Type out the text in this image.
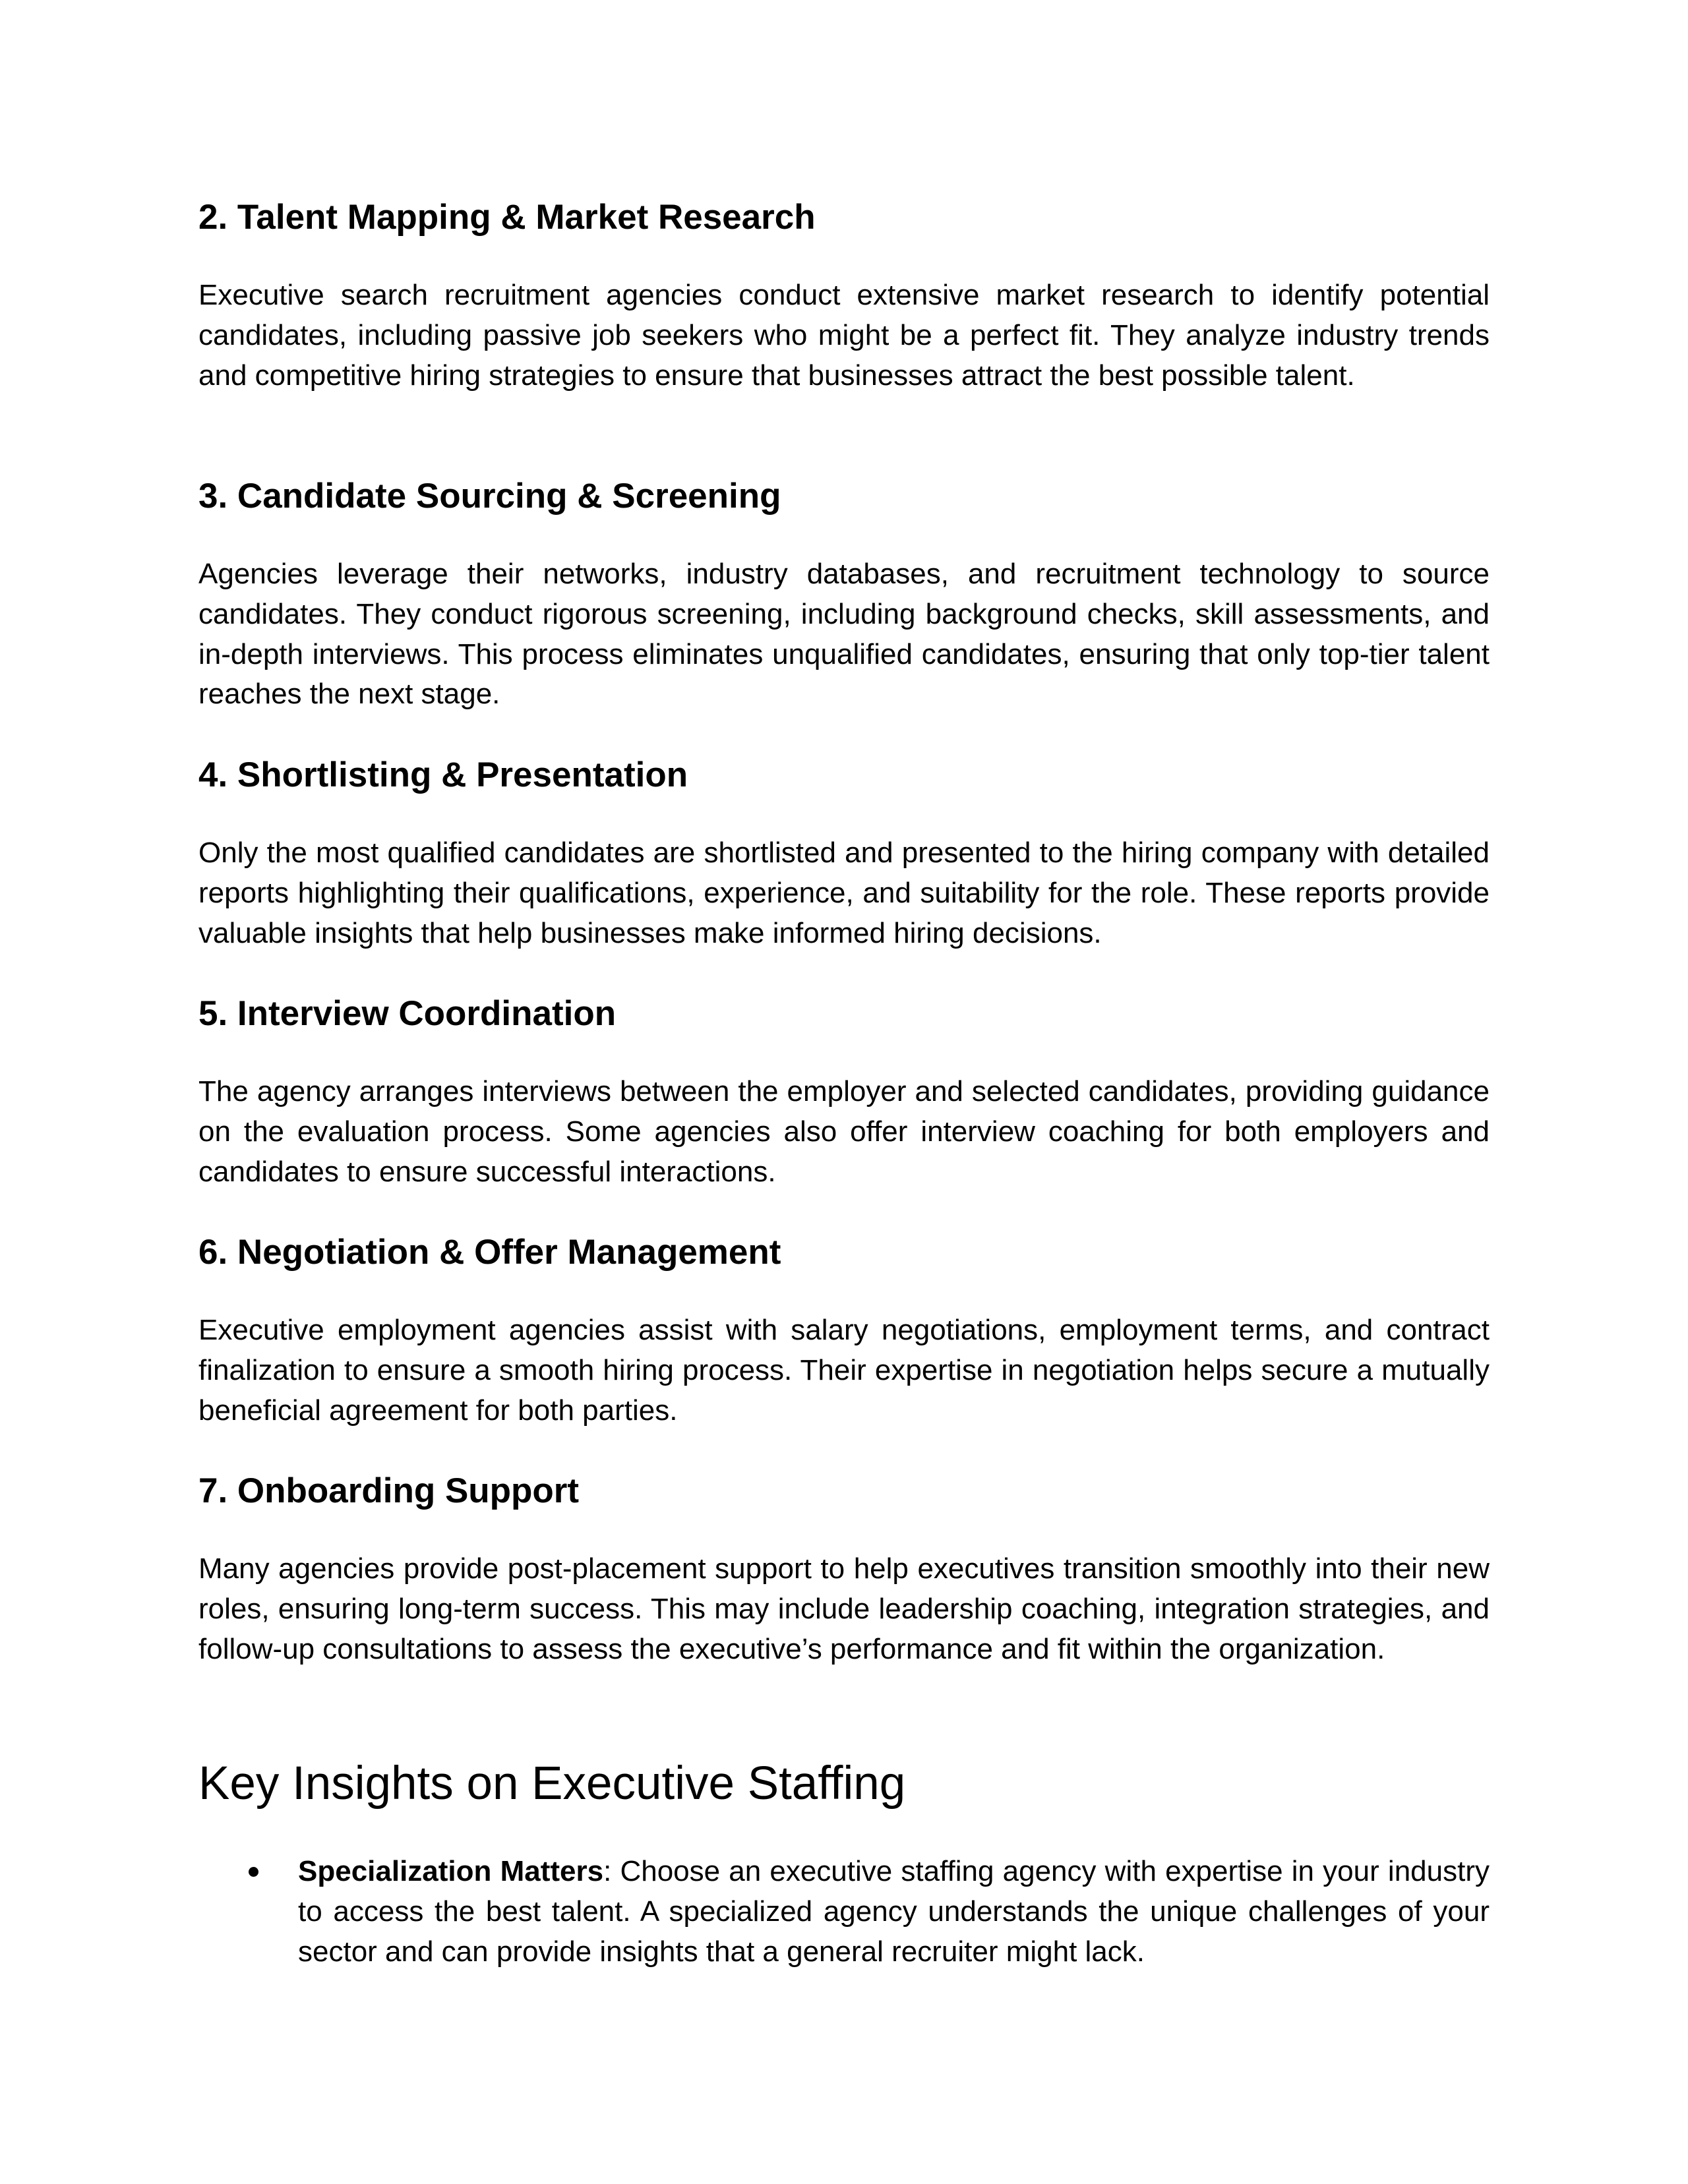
2. Talent Mapping & Market Research

Executive search recruitment agencies conduct extensive market research to identify potential candidates, including passive job seekers who might be a perfect fit. They analyze industry trends and competitive hiring strategies to ensure that businesses attract the best possible talent.

3. Candidate Sourcing & Screening

Agencies leverage their networks, industry databases, and recruitment technology to source candidates. They conduct rigorous screening, including background checks, skill assessments, and in-depth interviews. This process eliminates unqualified candidates, ensuring that only top-tier talent reaches the next stage.

4. Shortlisting & Presentation

Only the most qualified candidates are shortlisted and presented to the hiring company with detailed reports highlighting their qualifications, experience, and suitability for the role. These reports provide valuable insights that help businesses make informed hiring decisions.

5. Interview Coordination

The agency arranges interviews between the employer and selected candidates, providing guidance on the evaluation process. Some agencies also offer interview coaching for both employers and candidates to ensure successful interactions.

6. Negotiation & Offer Management

Executive employment agencies assist with salary negotiations, employment terms, and contract finalization to ensure a smooth hiring process. Their expertise in negotiation helps secure a mutually beneficial agreement for both parties.

7. Onboarding Support

Many agencies provide post-placement support to help executives transition smoothly into their new roles, ensuring long-term success. This may include leadership coaching, integration strategies, and follow-up consultations to assess the executive’s performance and fit within the organization.

Key Insights on Executive Staffing

Specialization Matters: Choose an executive staffing agency with expertise in your industry to access the best talent. A specialized agency understands the unique challenges of your sector and can provide insights that a general recruiter might lack.
